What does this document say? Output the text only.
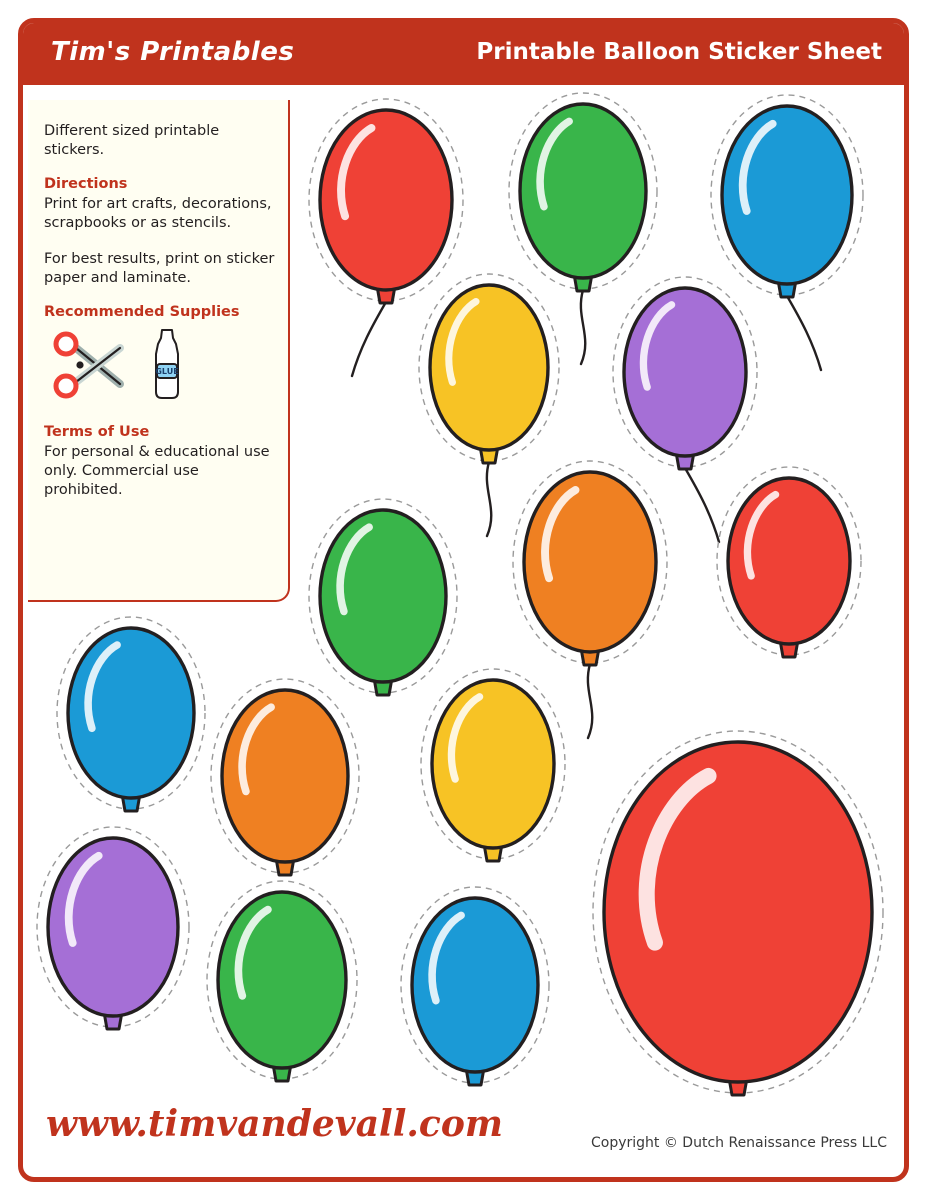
Tim's Printables	Printable Balloon Sticker Sheet

Different sized printable stickers.

Directions

Print for art crafts, decorations, scrapbooks or as stencils.

For best results, print on sticker paper and laminate.

Recommended Supplies

GLUE

Terms of Use

For personal & educational use only. Commercial use prohibited.

www.timvandevall.com	Copyright © Dutch Renaissance Press LLC
